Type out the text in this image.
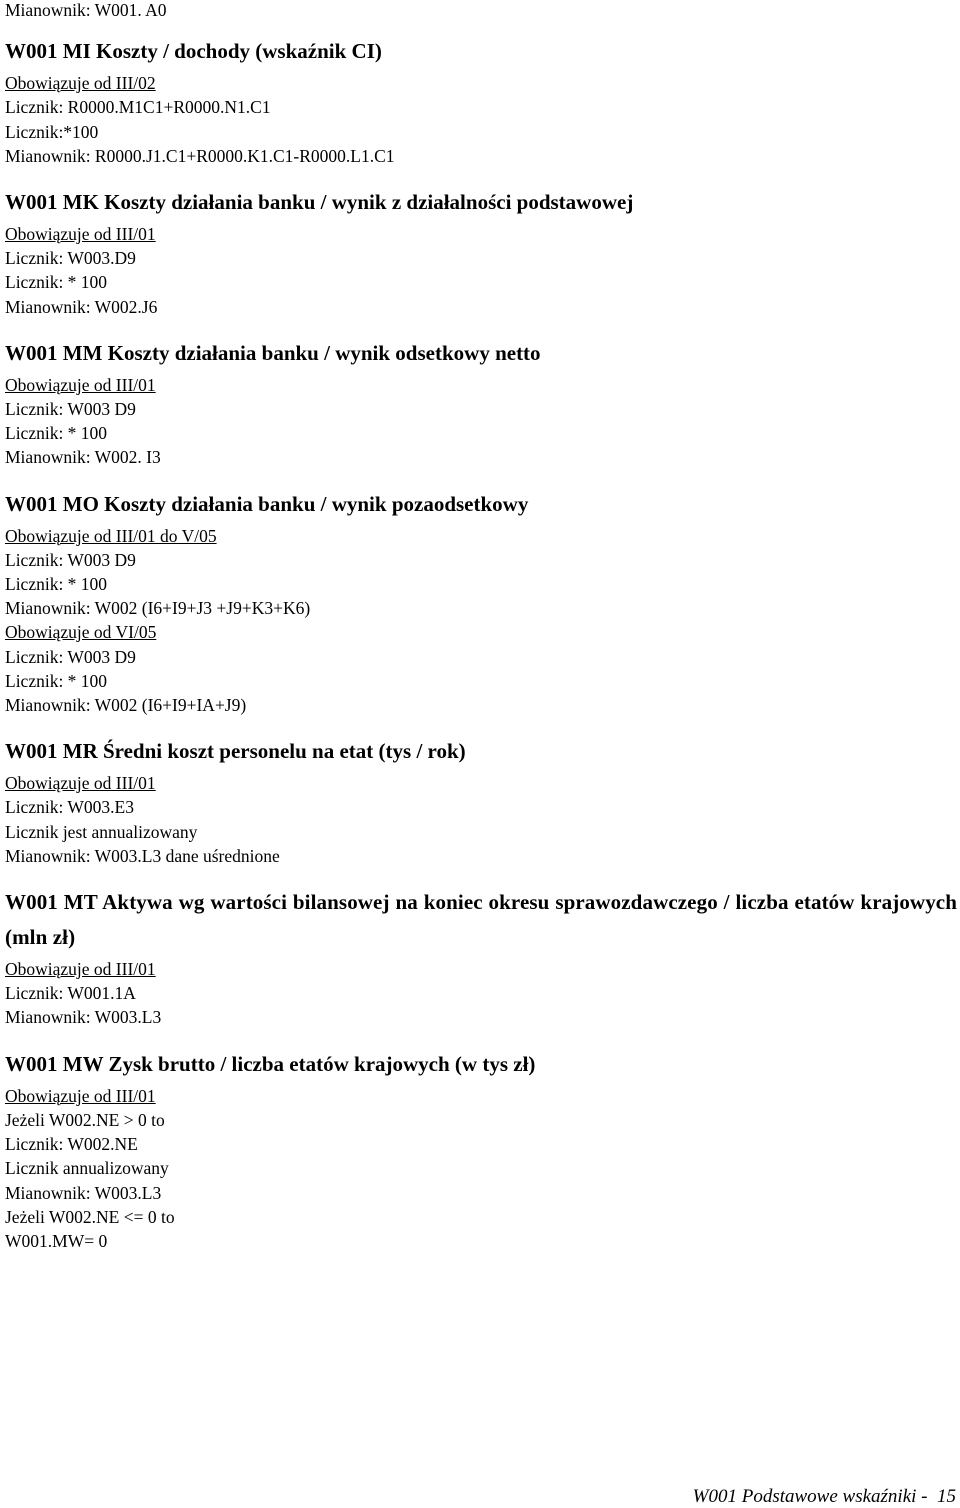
Mianownik: W001. A0
W001 MI Koszty / dochody (wskaźnik CI)
Obowiązuje od III/02
Licznik: R0000.M1C1+R0000.N1.C1
Licznik:*100
Mianownik: R0000.J1.C1+R0000.K1.C1-R0000.L1.C1
W001 MK Koszty działania banku / wynik z działalności podstawowej
Obowiązuje od III/01
Licznik: W003.D9
Licznik: * 100
Mianownik: W002.J6
W001 MM Koszty działania banku / wynik odsetkowy netto
Obowiązuje od III/01
Licznik: W003 D9
Licznik: * 100
Mianownik: W002. I3
W001 MO Koszty działania banku / wynik pozaodsetkowy
Obowiązuje od III/01 do V/05
Licznik: W003 D9
Licznik: * 100
Mianownik: W002 (I6+I9+J3 +J9+K3+K6)
Obowiązuje od VI/05
Licznik: W003 D9
Licznik: * 100
Mianownik: W002 (I6+I9+IA+J9)
W001 MR Średni koszt personelu na etat (tys / rok)
Obowiązuje od III/01
Licznik: W003.E3
Licznik jest annualizowany
Mianownik: W003.L3 dane uśrednione
W001 MT Aktywa wg wartości bilansowej na koniec okresu sprawozdawczego / liczba etatów krajowych (mln zł)
Obowiązuje od III/01
Licznik: W001.1A
Mianownik: W003.L3
W001 MW Zysk brutto / liczba etatów krajowych (w tys zł)
Obowiązuje od III/01
Jeżeli W002.NE > 0 to
Licznik: W002.NE
Licznik annualizowany
Mianownik: W003.L3
Jeżeli W002.NE <= 0 to
W001.MW= 0
W001 Podstawowe wskaźniki -  15
